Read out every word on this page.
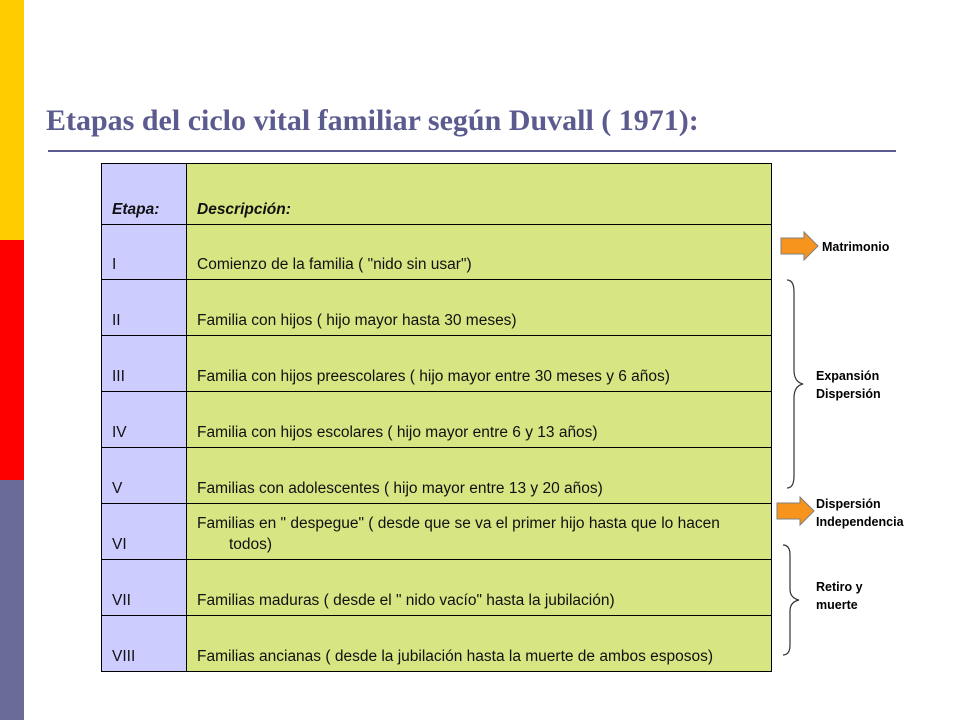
Etapas del ciclo vital familiar según Duvall ( 1971):
Etapa:	Descripción:
I	Comienzo de la familia ( "nido sin usar")

II	Familia con hijos ( hijo mayor hasta 30 meses)

III	Familia con hijos preescolares ( hijo mayor entre 30 meses y 6 años)

IV	Familia con hijos escolares ( hijo mayor entre 6 y 13 años)

V	Familias con adolescentes ( hijo mayor entre 13 y 20 años)

VI	Familias en " despegue" ( desde que se va el primer hijo hasta que lo hacen todos)

VII	Familias maduras ( desde el " nido vacío" hasta la jubilación)

VIII	Familias ancianas ( desde la jubilación hasta la muerte de ambos esposos)
Matrimonio
Expansión
Dispersión
Dispersión
Independencia
Retiro y
muerte
